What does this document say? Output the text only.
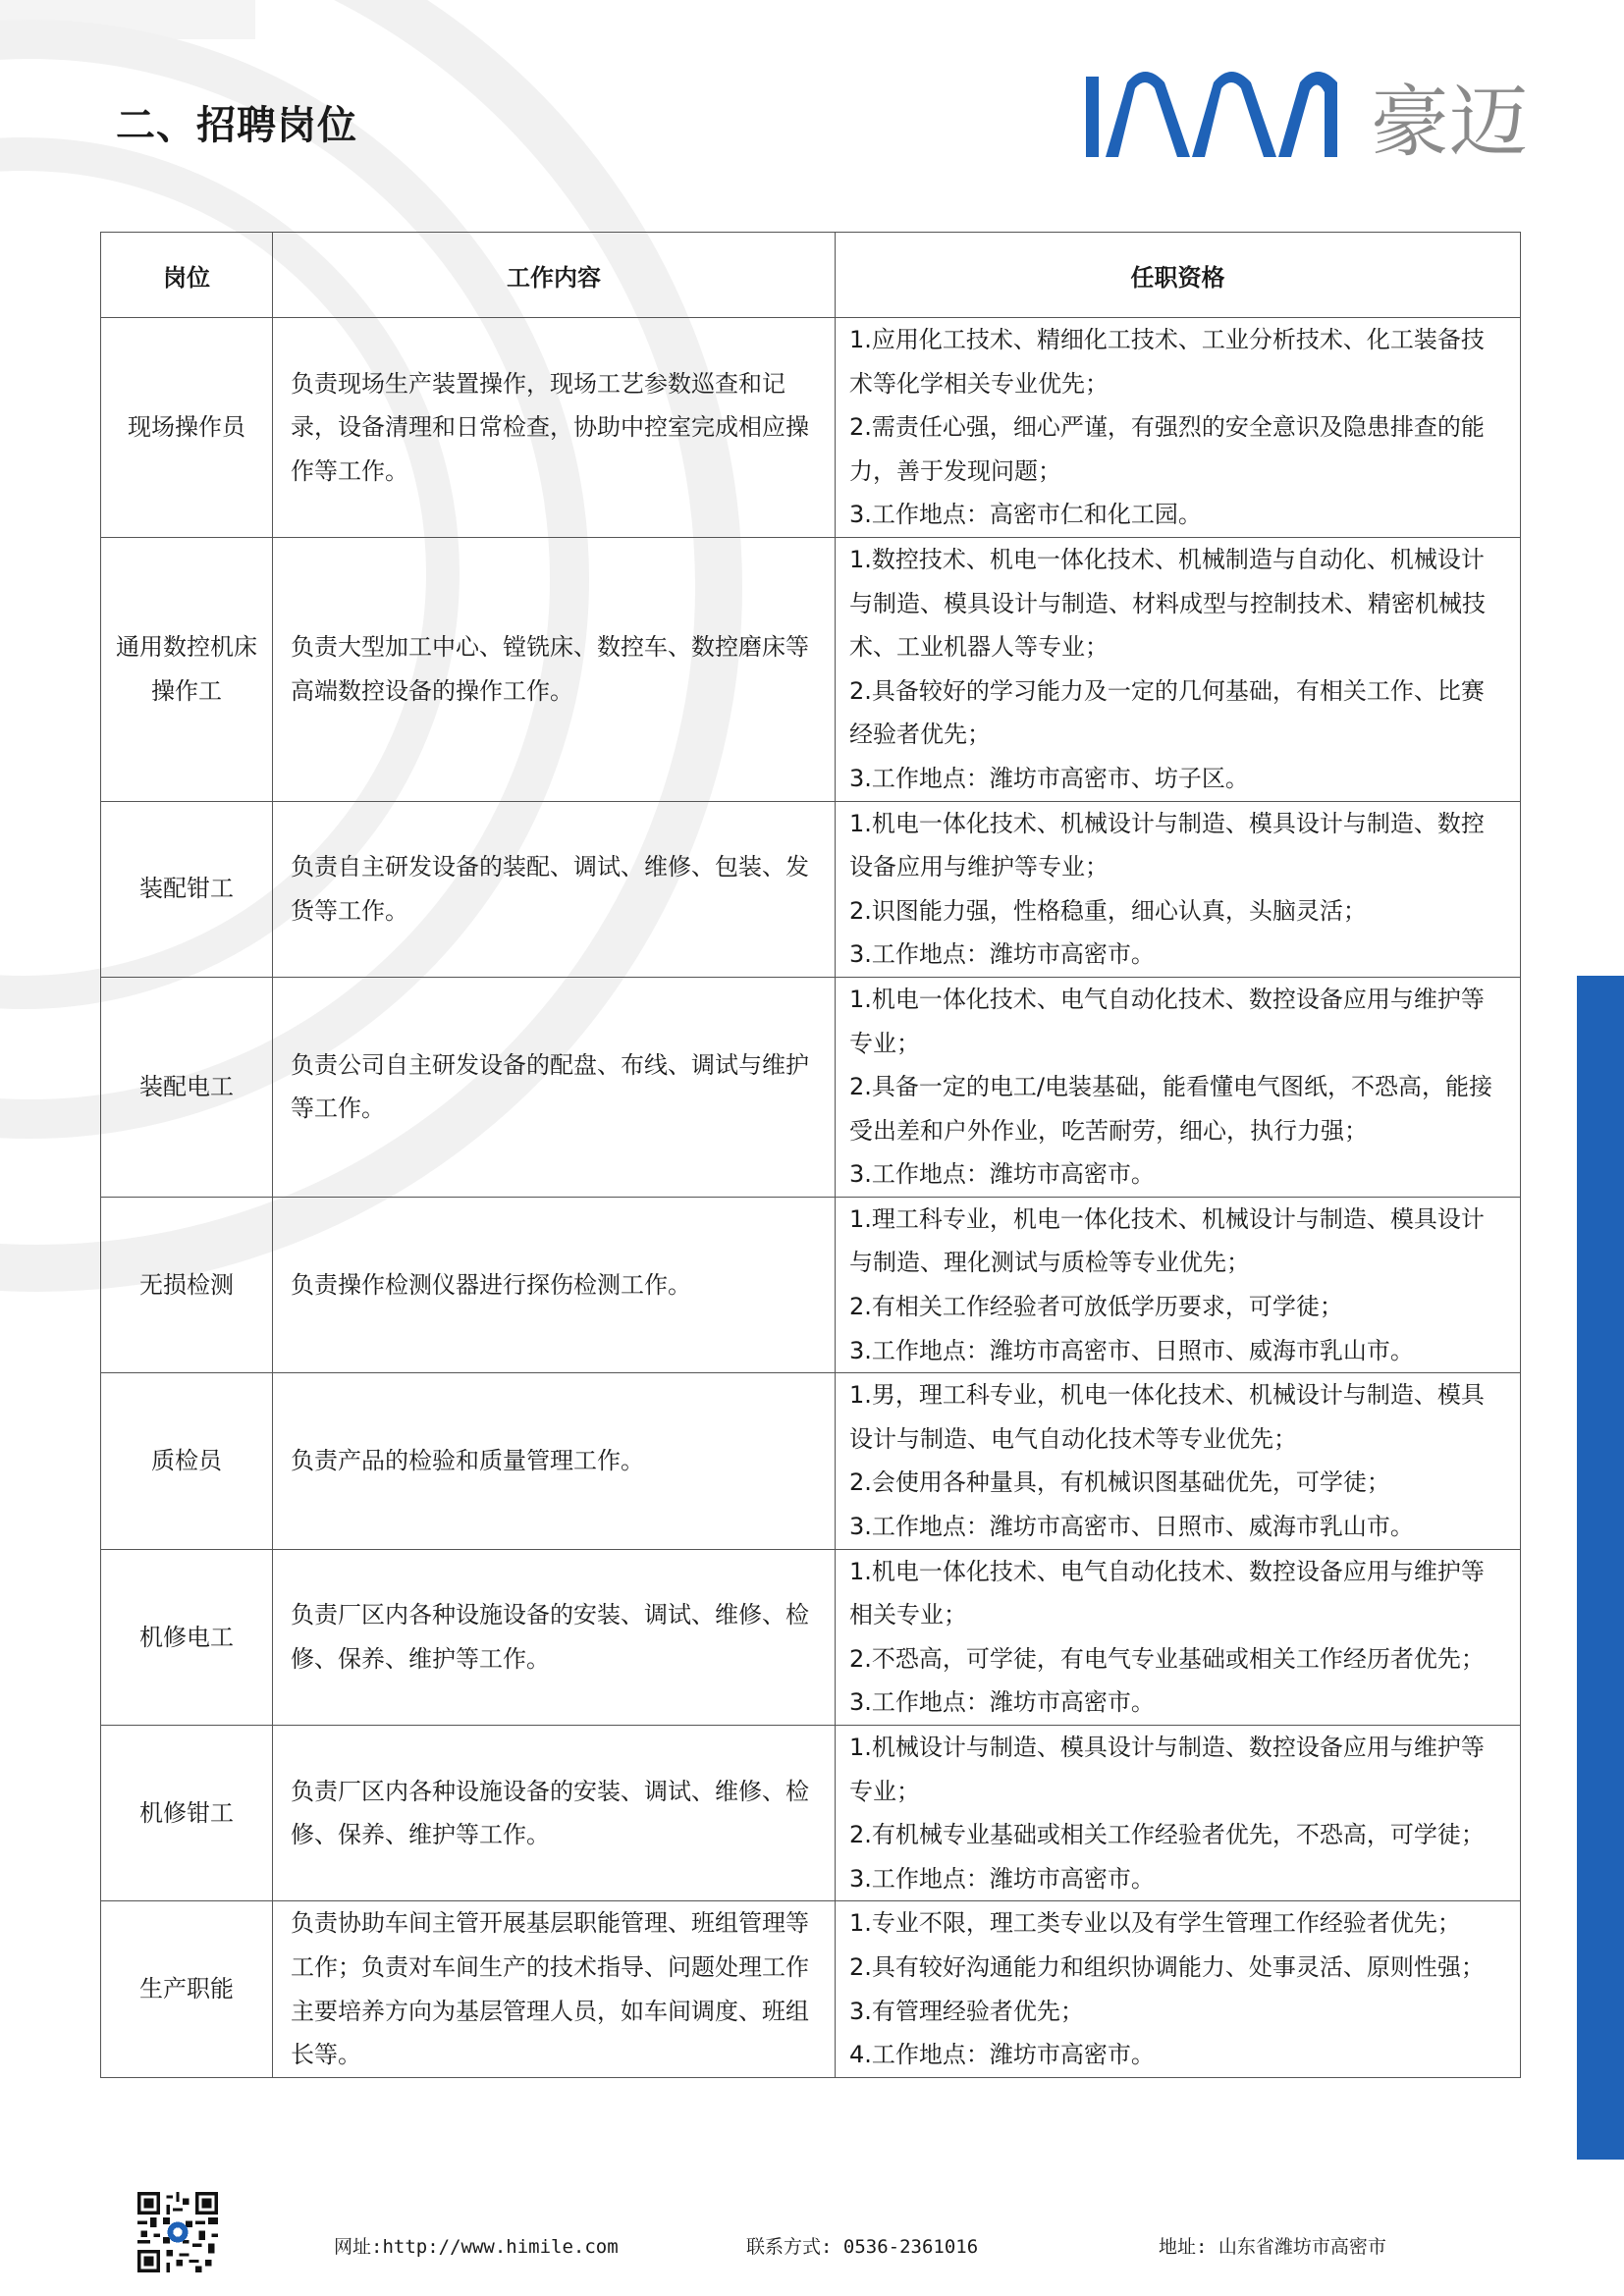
二、招聘岗位	豪迈
岗位	工作内容	任职资格
现场操作员	负责现场生产装置操作，现场工艺参数巡查和记录，设备清理和日常检查，协助中控室完成相应操作等工作。	1.应用化工技术、精细化工技术、工业分析技术、化工装备技术等化学相关专业优先；
2.需责任心强，细心严谨，有强烈的安全意识及隐患排查的能力，善于发现问题；
3.工作地点：高密市仁和化工园。

通用数控机床操作工	负责大型加工中心、镗铣床、数控车、数控磨床等高端数控设备的操作工作。	1.数控技术、机电一体化技术、机械制造与自动化、机械设计与制造、模具设计与制造、材料成型与控制技术、精密机械技术、工业机器人等专业；
2.具备较好的学习能力及一定的几何基础，有相关工作、比赛经验者优先；
3.工作地点：潍坊市高密市、坊子区。

装配钳工	负责自主研发设备的装配、调试、维修、包装、发货等工作。	1.机电一体化技术、机械设计与制造、模具设计与制造、数控设备应用与维护等专业；
2.识图能力强，性格稳重，细心认真，头脑灵活；
3.工作地点：潍坊市高密市。

装配电工	负责公司自主研发设备的配盘、布线、调试与维护等工作。	1.机电一体化技术、电气自动化技术、数控设备应用与维护等专业；
2.具备一定的电工/电装基础，能看懂电气图纸，不恐高，能接受出差和户外作业，吃苦耐劳，细心，执行力强；
3.工作地点：潍坊市高密市。

无损检测	负责操作检测仪器进行探伤检测工作。	1.理工科专业，机电一体化技术、机械设计与制造、模具设计与制造、理化测试与质检等专业优先；
2.有相关工作经验者可放低学历要求，可学徒；
3.工作地点：潍坊市高密市、日照市、威海市乳山市。

质检员	负责产品的检验和质量管理工作。	1.男，理工科专业，机电一体化技术、机械设计与制造、模具设计与制造、电气自动化技术等专业优先；
2.会使用各种量具，有机械识图基础优先，可学徒；
3.工作地点：潍坊市高密市、日照市、威海市乳山市。

机修电工	负责厂区内各种设施设备的安装、调试、维修、检修、保养、维护等工作。	1.机电一体化技术、电气自动化技术、数控设备应用与维护等相关专业；
2.不恐高，可学徒，有电气专业基础或相关工作经历者优先；
3.工作地点：潍坊市高密市。

机修钳工	负责厂区内各种设施设备的安装、调试、维修、检修、保养、维护等工作。	1.机械设计与制造、模具设计与制造、数控设备应用与维护等专业；
2.有机械专业基础或相关工作经验者优先，不恐高，可学徒；
3.工作地点：潍坊市高密市。

生产职能	负责协助车间主管开展基层职能管理、班组管理等工作；负责对车间生产的技术指导、问题处理工作主要培养方向为基层管理人员，如车间调度、班组长等。	1.专业不限，理工类专业以及有学生管理工作经验者优先；
2.具有较好沟通能力和组织协调能力、处事灵活、原则性强；
3.有管理经验者优先；
4.工作地点：潍坊市高密市。
网址:http://www.himile.com	联系方式: 0536-2361016	地址: 山东省潍坊市高密市
